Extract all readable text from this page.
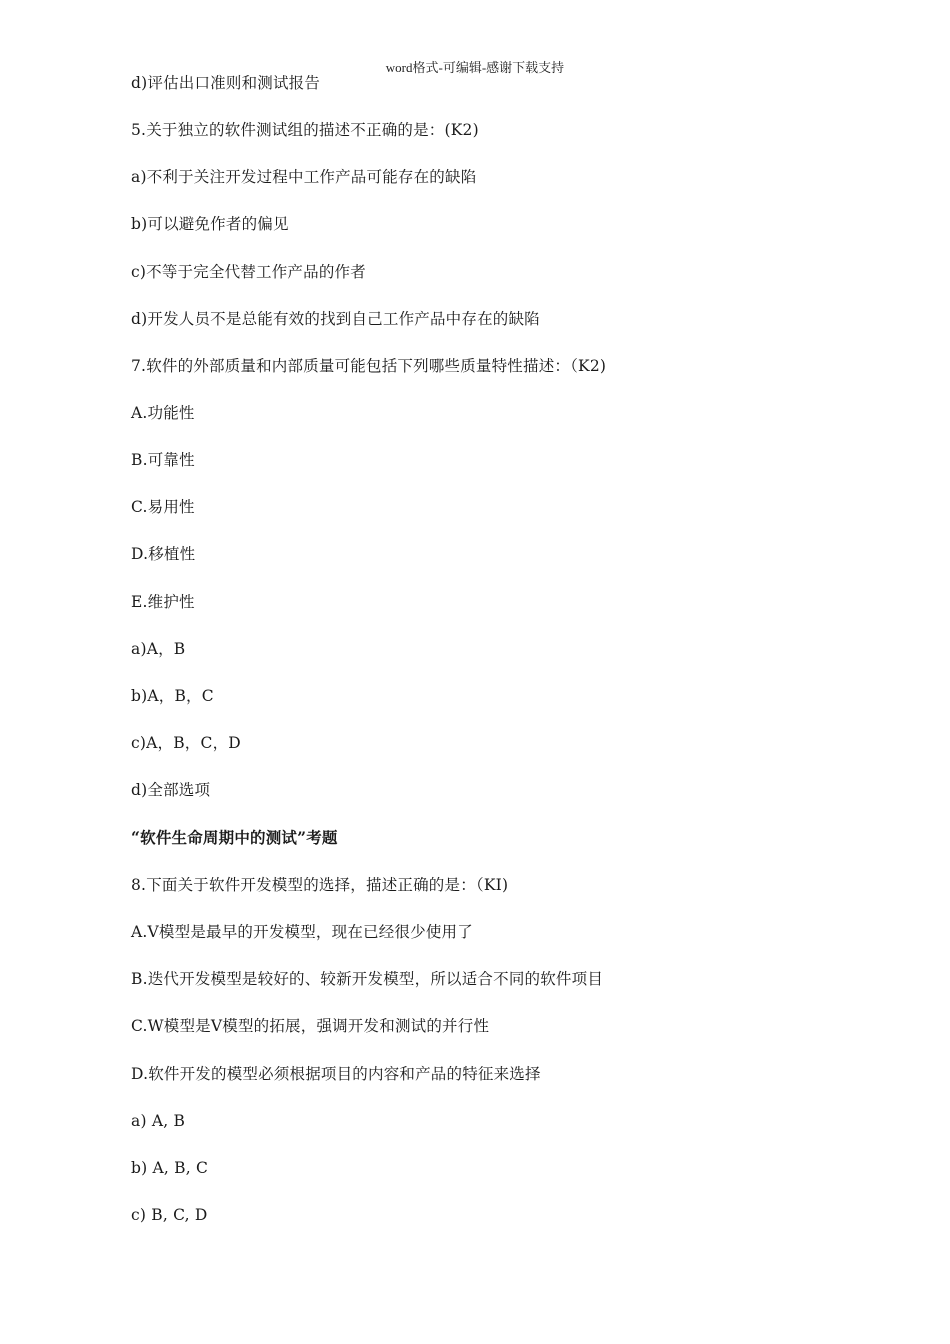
word格式-可编辑-感谢下载支持
d)评估出口准则和测试报告
5.关于独立的软件测试组的描述不正确的是：(K2)
a)不利于关注开发过程中工作产品可能存在的缺陷
b)可以避免作者的偏见
c)不等于完全代替工作产品的作者
d)开发人员不是总能有效的找到自己工作产品中存在的缺陷
7.软件的外部质量和内部质量可能包括下列哪些质量特性描述：（K2)
A.功能性
B.可靠性
C.易用性
D.移植性
E.维护性
a)A，B
b)A，B，C
c)A，B，C，D
d)全部选项
“软件生命周期中的测试”考题
8.下面关于软件开发模型的选择，描述正确的是：（KI)
A.V模型是最早的开发模型，现在已经很少使用了
B.迭代开发模型是较好的、较新开发模型，所以适合不同的软件项目
C.W模型是V模型的拓展，强调开发和测试的并行性
D.软件开发的模型必须根据项目的内容和产品的特征来选择
a) A, B
b) A, B, C
c) B, C, D
